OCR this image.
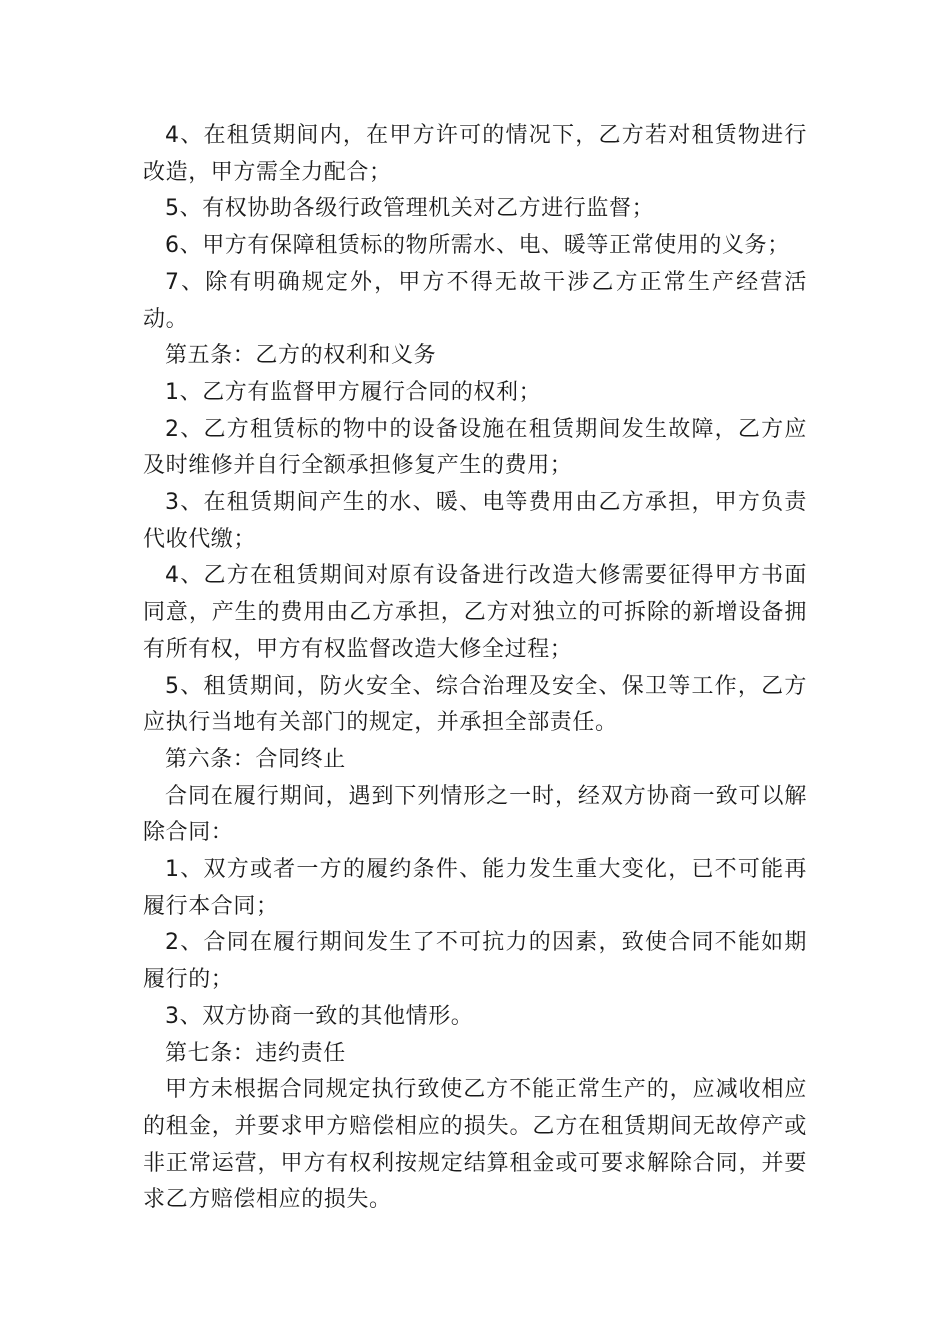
4、在租赁期间内，在甲方许可的情况下，乙方若对租赁物进行改造，甲方需全力配合；

5、有权协助各级行政管理机关对乙方进行监督；

6、甲方有保障租赁标的物所需水、电、暖等正常使用的义务；

7、除有明确规定外，甲方不得无故干涉乙方正常生产经营活动。

第五条：乙方的权利和义务

1、乙方有监督甲方履行合同的权利；

2、乙方租赁标的物中的设备设施在租赁期间发生故障，乙方应及时维修并自行全额承担修复产生的费用；

3、在租赁期间产生的水、暖、电等费用由乙方承担，甲方负责代收代缴；

4、乙方在租赁期间对原有设备进行改造大修需要征得甲方书面同意，产生的费用由乙方承担，乙方对独立的可拆除的新增设备拥有所有权，甲方有权监督改造大修全过程；

5、租赁期间，防火安全、综合治理及安全、保卫等工作，乙方应执行当地有关部门的规定，并承担全部责任。

第六条：合同终止

合同在履行期间，遇到下列情形之一时，经双方协商一致可以解除合同：

1、双方或者一方的履约条件、能力发生重大变化，已不可能再履行本合同；

2、合同在履行期间发生了不可抗力的因素，致使合同不能如期履行的；

3、双方协商一致的其他情形。

第七条：违约责任

甲方未根据合同规定执行致使乙方不能正常生产的，应减收相应的租金，并要求甲方赔偿相应的损失。乙方在租赁期间无故停产或非正常运营，甲方有权利按规定结算租金或可要求解除合同，并要求乙方赔偿相应的损失。
